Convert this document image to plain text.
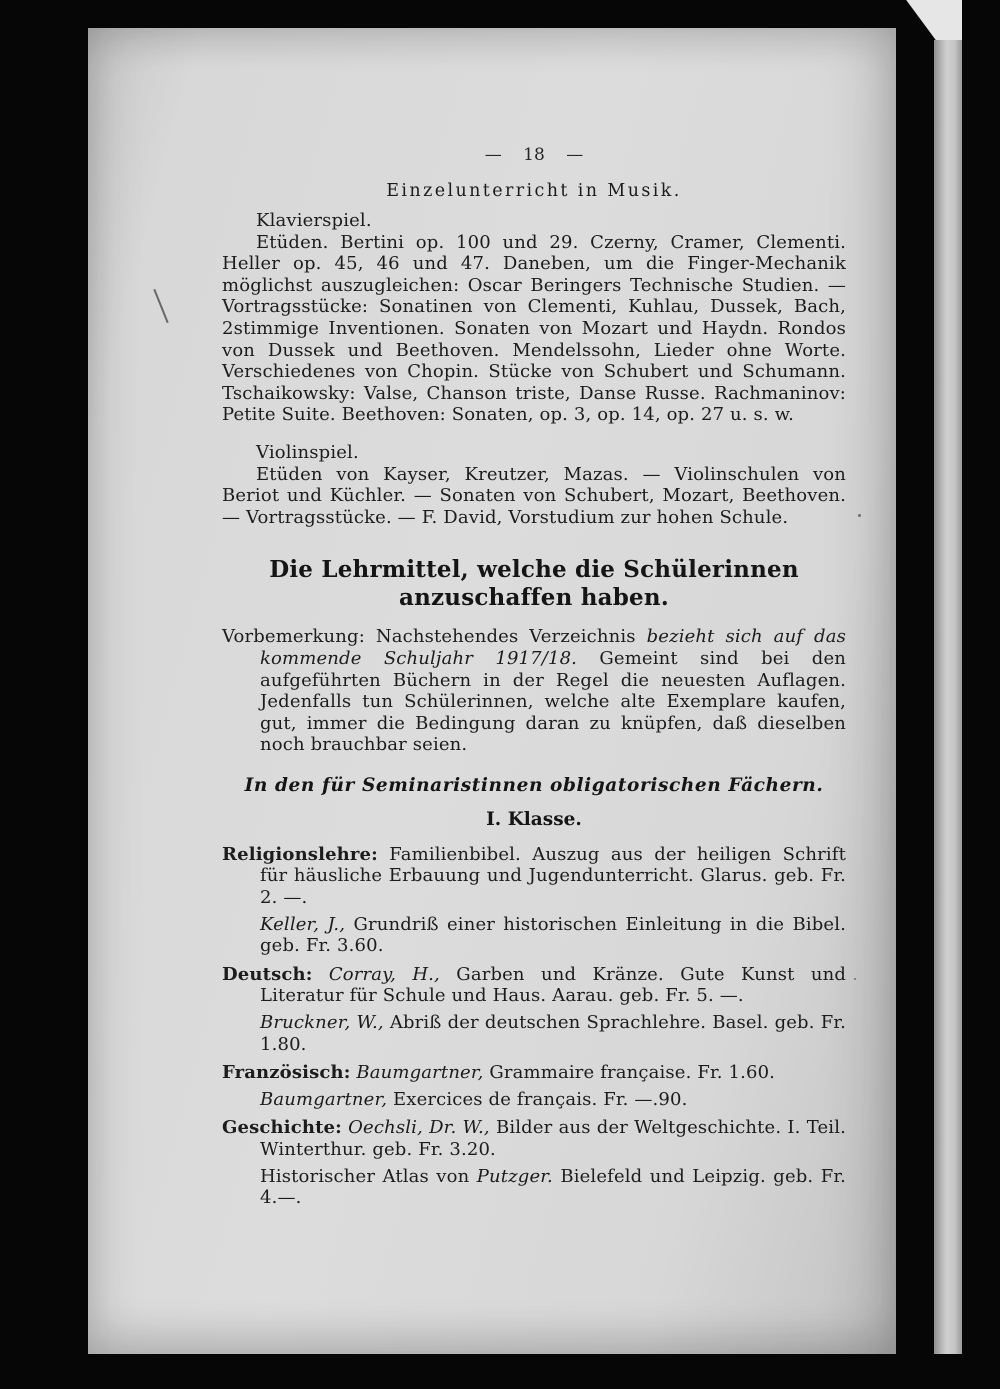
— 18 —
Einzelunterricht in Musik.

Klavierspiel.

Etüden. Bertini op. 100 und 29. Czerny, Cramer, Clementi. Heller op. 45, 46 und 47. Daneben, um die Finger-Mechanik möglichst auszugleichen: Oscar Beringers Technische Studien. — Vortragsstücke: Sonatinen von Clementi, Kuhlau, Dussek, Bach, 2stimmige Inventionen. Sonaten von Mozart und Haydn. Rondos von Dussek und Beethoven. Mendelssohn, Lieder ohne Worte. Verschiedenes von Chopin. Stücke von Schubert und Schumann. Tschaikowsky: Valse, Chanson triste, Danse Russe. Rachmaninov: Petite Suite. Beethoven: Sonaten, op. 3, op. 14, op. 27 u. s. w.

Violinspiel.

Etüden von Kayser, Kreutzer, Mazas. — Violinschulen von Beriot und Küchler. — Sonaten von Schubert, Mozart, Beethoven. — Vortragsstücke. — F. David, Vorstudium zur hohen Schule.

Die Lehrmittel, welche die Schülerinnen
anzuschaffen haben.

Vorbemerkung: Nachstehendes Verzeichnis bezieht sich auf das kommende Schuljahr 1917/18. Gemeint sind bei den aufgeführten Büchern in der Regel die neuesten Auflagen. Jedenfalls tun Schülerinnen, welche alte Exemplare kaufen, gut, immer die Bedingung daran zu knüpfen, daß dieselben noch brauchbar seien.

In den für Seminaristinnen obligatorischen Fächern.
I. Klasse.

Religionslehre: Familienbibel. Auszug aus der heiligen Schrift für häusliche Erbauung und Jugendunterricht. Glarus. geb. Fr. 2. —.

Keller, J., Grundriß einer historischen Einleitung in die Bibel. geb. Fr. 3.60.

Deutsch: Corray, H., Garben und Kränze. Gute Kunst und Literatur für Schule und Haus. Aarau. geb. Fr. 5. —.

Bruckner, W., Abriß der deutschen Sprachlehre. Basel. geb. Fr. 1.80.

Französisch: Baumgartner, Grammaire française. Fr. 1.60.

Baumgartner, Exercices de français. Fr. —.90.

Geschichte: Oechsli, Dr. W., Bilder aus der Weltgeschichte. I. Teil. Winterthur. geb. Fr. 3.20.

Historischer Atlas von Putzger. Bielefeld und Leipzig. geb. Fr. 4.—.
